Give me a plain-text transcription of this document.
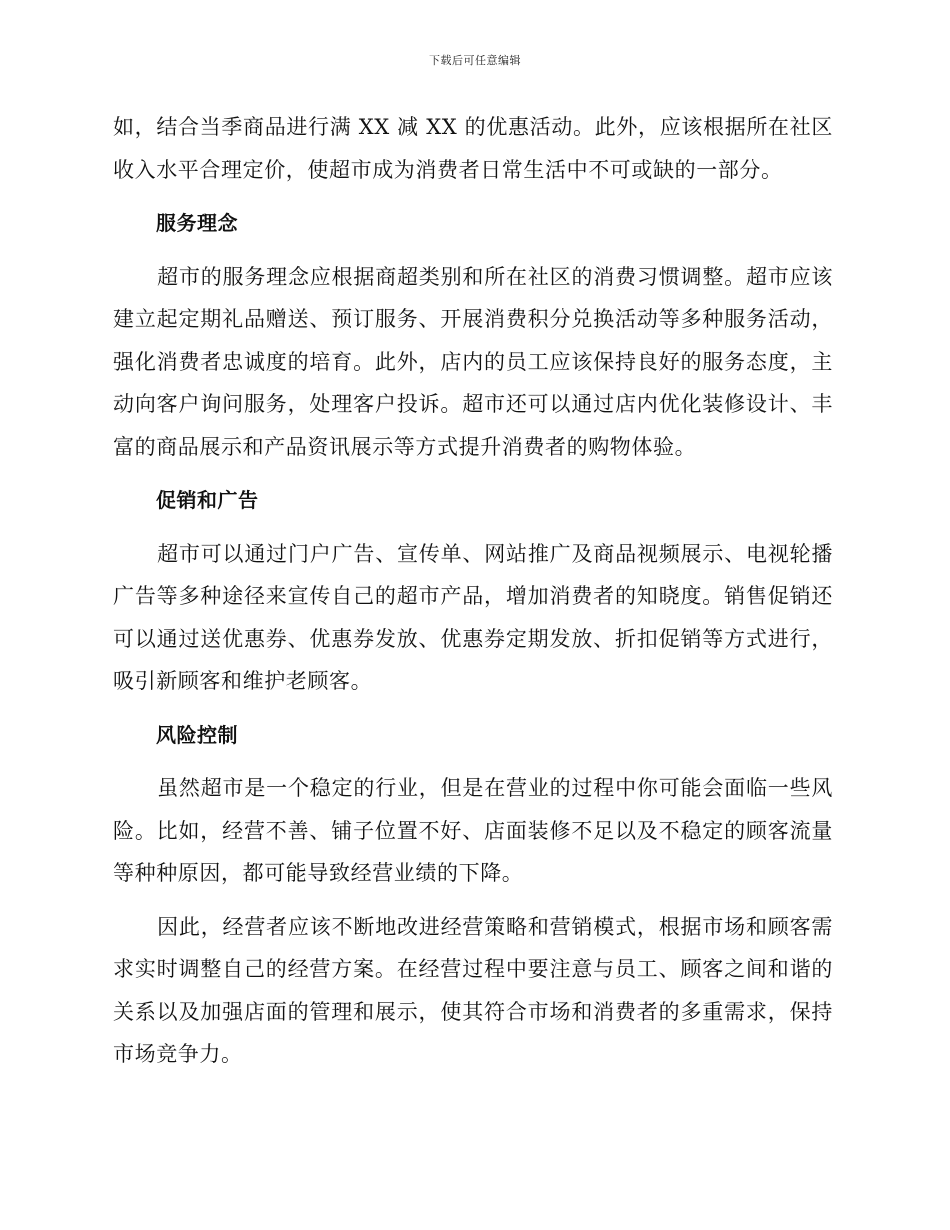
下载后可任意编辑

如，结合当季商品进行满 XX 减 XX 的优惠活动。此外，应该根据所在社区收入水平合理定价，使超市成为消费者日常生活中不可或缺的一部分。

服务理念

超市的服务理念应根据商超类别和所在社区的消费习惯调整。超市应该建立起定期礼品赠送、预订服务、开展消费积分兑换活动等多种服务活动，强化消费者忠诚度的培育。此外，店内的员工应该保持良好的服务态度，主动向客户询问服务，处理客户投诉。超市还可以通过店内优化装修设计、丰富的商品展示和产品资讯展示等方式提升消费者的购物体验。

促销和广告

超市可以通过门户广告、宣传单、网站推广及商品视频展示、电视轮播广告等多种途径来宣传自己的超市产品，增加消费者的知晓度。销售促销还可以通过送优惠券、优惠券发放、优惠券定期发放、折扣促销等方式进行，吸引新顾客和维护老顾客。

风险控制

虽然超市是一个稳定的行业，但是在营业的过程中你可能会面临一些风险。比如，经营不善、铺子位置不好、店面装修不足以及不稳定的顾客流量等种种原因，都可能导致经营业绩的下降。

因此，经营者应该不断地改进经营策略和营销模式，根据市场和顾客需求实时调整自己的经营方案。在经营过程中要注意与员工、顾客之间和谐的关系以及加强店面的管理和展示，使其符合市场和消费者的多重需求，保持市场竞争力。
